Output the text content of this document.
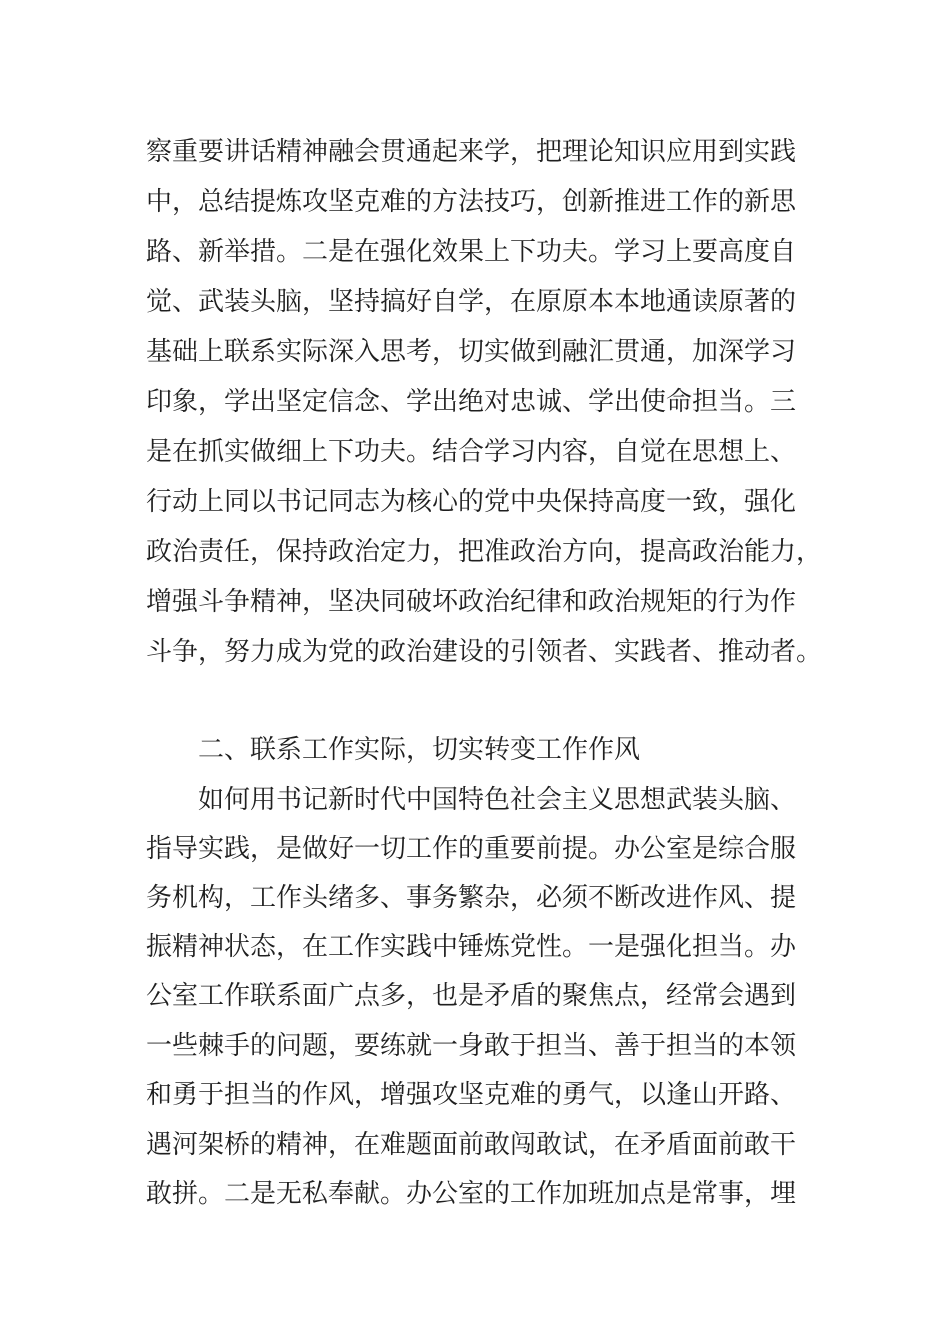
察重要讲话精神融会贯通起来学，把理论知识应用到实践

中，总结提炼攻坚克难的方法技巧，创新推进工作的新思

路、新举措。二是在强化效果上下功夫。学习上要高度自

觉、武装头脑，坚持搞好自学，在原原本本地通读原著的

基础上联系实际深入思考，切实做到融汇贯通，加深学习

印象，学出坚定信念、学出绝对忠诚、学出使命担当。三

是在抓实做细上下功夫。结合学习内容，自觉在思想上、

行动上同以书记同志为核心的党中央保持高度一致，强化

政治责任，保持政治定力，把准政治方向，提高政治能力，

增强斗争精神，坚决同破坏政治纪律和政治规矩的行为作

斗争，努力成为党的政治建设的引领者、实践者、推动者。

二、联系工作实际，切实转变工作作风

如何用书记新时代中国特色社会主义思想武装头脑、

指导实践，是做好一切工作的重要前提。办公室是综合服

务机构，工作头绪多、事务繁杂，必须不断改进作风、提

振精神状态，在工作实践中锤炼党性。一是强化担当。办

公室工作联系面广点多，也是矛盾的聚焦点，经常会遇到

一些棘手的问题，要练就一身敢于担当、善于担当的本领

和勇于担当的作风，增强攻坚克难的勇气，以逢山开路、

遇河架桥的精神，在难题面前敢闯敢试，在矛盾面前敢干

敢拼。二是无私奉献。办公室的工作加班加点是常事，埋
